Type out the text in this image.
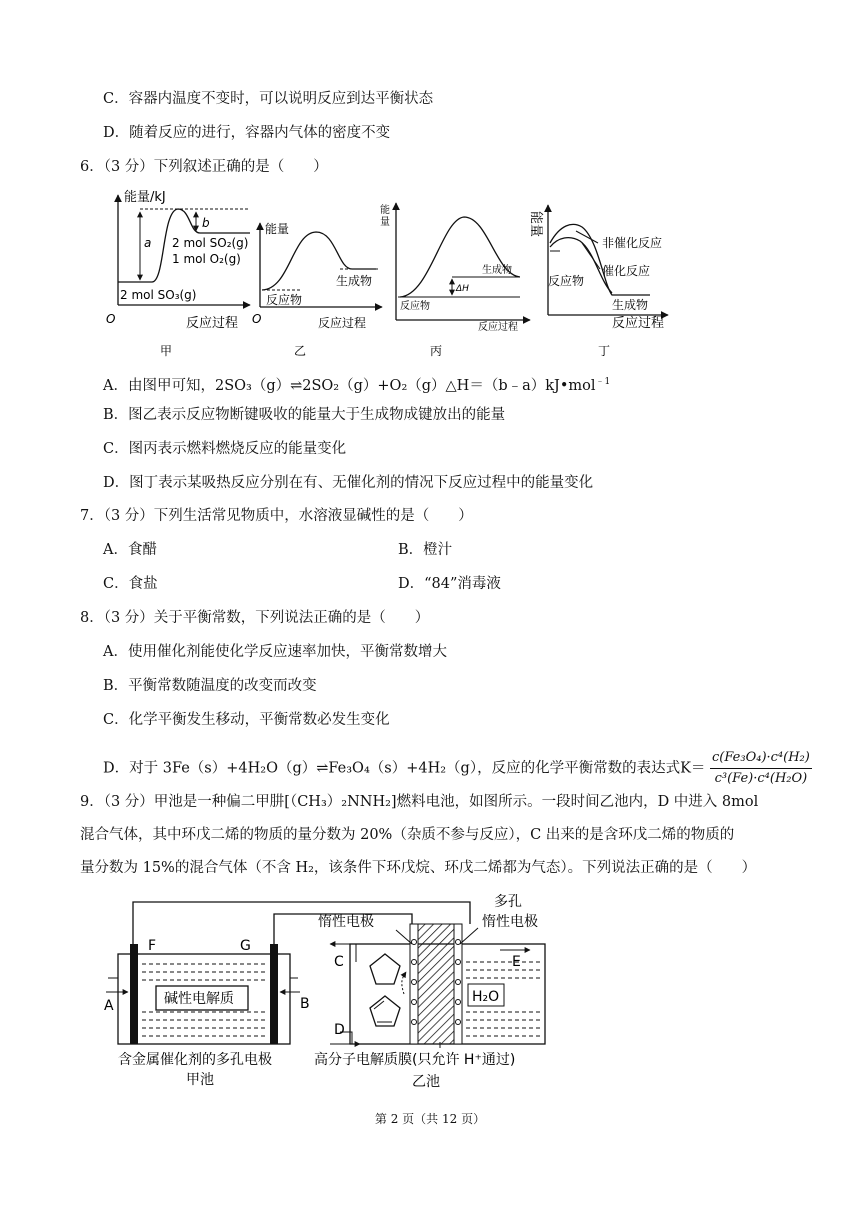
C．容器内温度不变时，可以说明反应到达平衡状态
D．随着反应的进行，容器内气体的密度不变
6．（3 分）下列叙述正确的是（　　）
能量/kJ
O	反应过程
a
b
2 mol SO₂(g)
1 mol O₂(g)
2 mol SO₃(g)
甲
能量
O	反应过程
反应物
生成物
乙
能
量
反应过程
ΔH
反应物
生成物
丙
能量
反应过程
非催化反应
催化反应
反应物
生成物
丁
A．由图甲可知，2SO₃（g）⇌2SO₂（g）+O₂（g）△H＝（b﹣a）kJ•mol$^{﹣1}$
B．图乙表示反应物断键吸收的能量大于生成物成键放出的能量
C．图丙表示燃料燃烧反应的能量变化
D．图丁表示某吸热反应分别在有、无催化剂的情况下反应过程中的能量变化
7．（3 分）下列生活常见物质中，水溶液显碱性的是（　　）
A．食醋	B．橙汁
C．食盐	D．“84”消毒液
8．（3 分）关于平衡常数，下列说法正确的是（　　）
A．使用催化剂能使化学反应速率加快，平衡常数增大
B．平衡常数随温度的改变而改变
C．化学平衡发生移动，平衡常数必发生变化
D．对于 3Fe（s）+4H₂O（g）⇌Fe₃O₄（s）+4H₂（g），反应的化学平衡常数的表达式$K= \frac{\text{c(Fe₃O₄)·c⁴(H₂)}}{\text{c³(Fe)·c⁴(H₂O)}}$
9．（3 分）甲池是一种偏二甲肼[（CH₃）₂NNH₂]燃料电池，如图所示。一段时间乙池内，D 中进入 8mol
混合气体，其中环戊二烯的物质的量分数为 20%（杂质不参与反应），C 出来的是含环戊二烯的物质的
量分数为 15%的混合气体（不含 H₂，该条件下环戊烷、环戊二烯都为气态）。下列说法正确的是（　　）
碱性电解质
F	G
A	B
含金属催化剂的多孔电极
甲池
H₂O
C
D
E
惰性电极
多孔
惰性电极
高分子电解质膜(只允许 H⁺通过)
乙池
第 2 页（共 12 页）
